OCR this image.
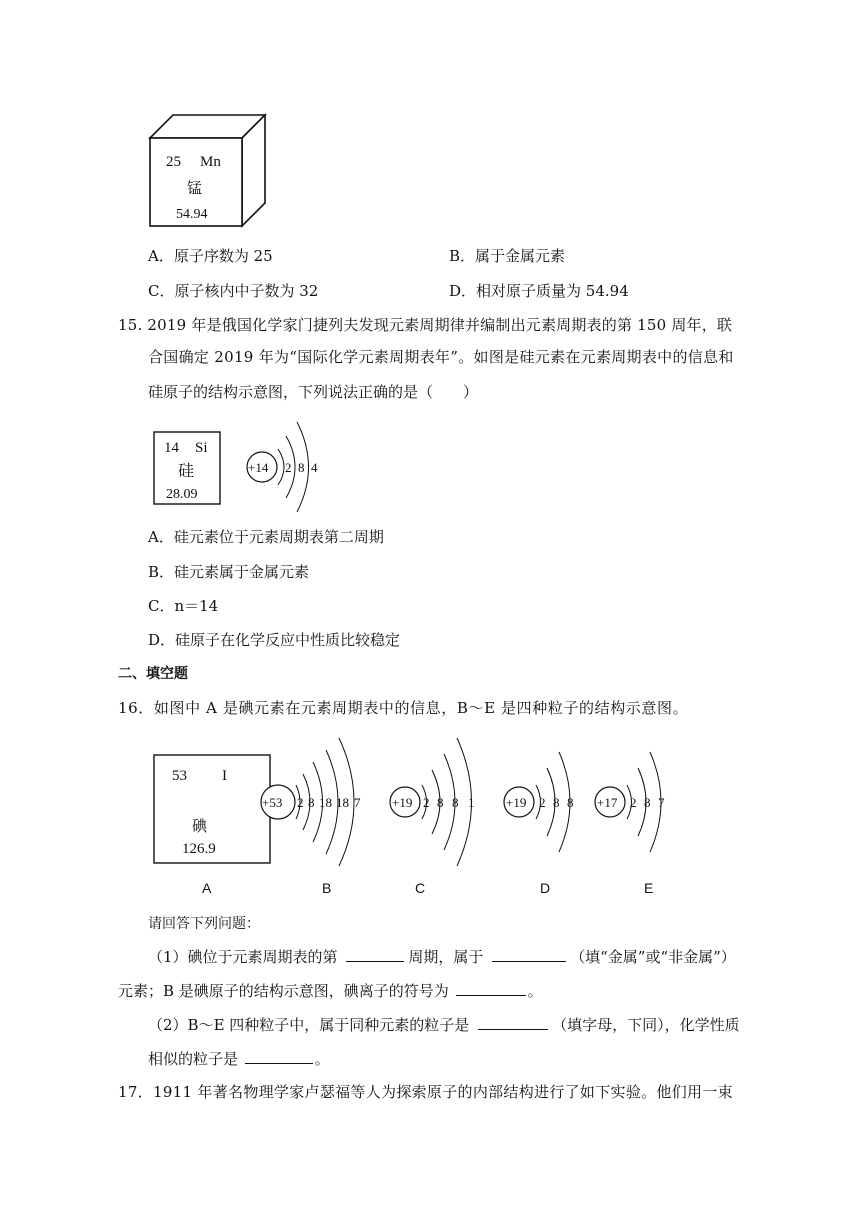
25 Mn
锰
54.94
A．原子序数为 25	B．属于金属元素
C．原子核内中子数为 32	D．相对原子质量为 54.94
15. 2019 年是俄国化学家门捷列夫发现元素周期律并编制出元素周期表的第 150 周年，联
合国确定 2019 年为“国际化学元素周期表年”。如图是硅元素在元素周期表中的信息和
硅原子的结构示意图，下列说法正确的是（　　）
14 Si
硅
28.09
+14 2 8 4
A．硅元素位于元素周期表第二周期
B．硅元素属于金属元素
C．n＝14
D．硅原子在化学反应中性质比较稳定
二、填空题
16．如图中 A 是碘元素在元素周期表中的信息，B～E 是四种粒子的结构示意图。
53 I
碘
126.9
+53 2 8 18 18 7 +19 2 8 8 1 +19 2 8 8 +17 2 8 7
A	B	C	D	E
请回答下列问题：
（1）碘位于元素周期表的第	周期，属于	（填“金属”或“非金属”）
元素；B 是碘原子的结构示意图，碘离子的符号为	。
（2）B～E 四种粒子中，属于同种元素的粒子是	（填字母，下同），化学性质
相似的粒子是	。
17．1911 年著名物理学家卢瑟福等人为探索原子的内部结构进行了如下实验。他们用一束
